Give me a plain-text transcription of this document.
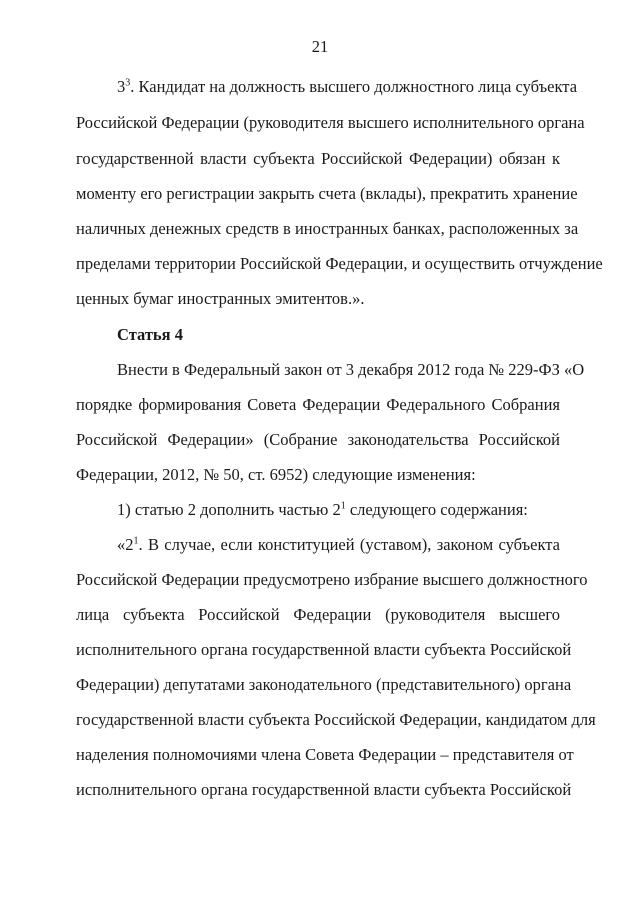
21
$3^3$. Кандидат на должность высшего должностного лица субъекта
Российской Федерации (руководителя высшего исполнительного органа
государственной власти субъекта Российской Федерации) обязан к
моменту его регистрации закрыть счета (вклады), прекратить хранение
наличных денежных средств в иностранных банках, расположенных за
пределами территории Российской Федерации, и осуществить отчуждение
ценных бумаг иностранных эмитентов.».
Статья 4
Внести в Федеральный закон от 3 декабря 2012 года № 229-ФЗ «О
порядке формирования Совета Федерации Федерального Собрания
Российской Федерации» (Собрание законодательства Российской
Федерации, 2012, № 50, ст. 6952) следующие изменения:
1) статью 2 дополнить частью $2^1$ следующего содержания:
«$2^1$. В случае, если конституцией (уставом), законом субъекта
Российской Федерации предусмотрено избрание высшего должностного
лица субъекта Российской Федерации (руководителя высшего
исполнительного органа государственной власти субъекта Российской
Федерации) депутатами законодательного (представительного) органа
государственной власти субъекта Российской Федерации, кандидатом для
наделения полномочиями члена Совета Федерации – представителя от
исполнительного органа государственной власти субъекта Российской
